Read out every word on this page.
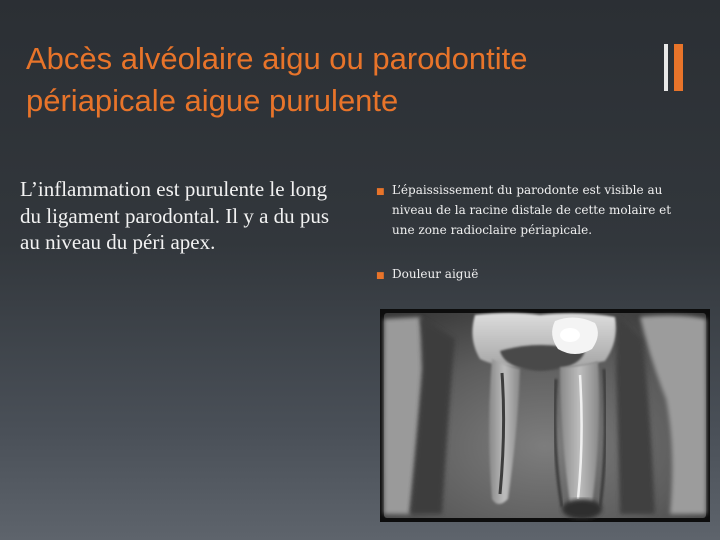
Abcès alvéolaire aigu ou parodontite périapicale aigue purulente

L’inflammation est purulente le long du ligament parodontal. Il y a du pus au niveau du péri apex.

■ L’épaississement du parodonte est visible au niveau de la racine distale de cette molaire et une zone radioclaire périapicale.
■ Douleur aiguë
